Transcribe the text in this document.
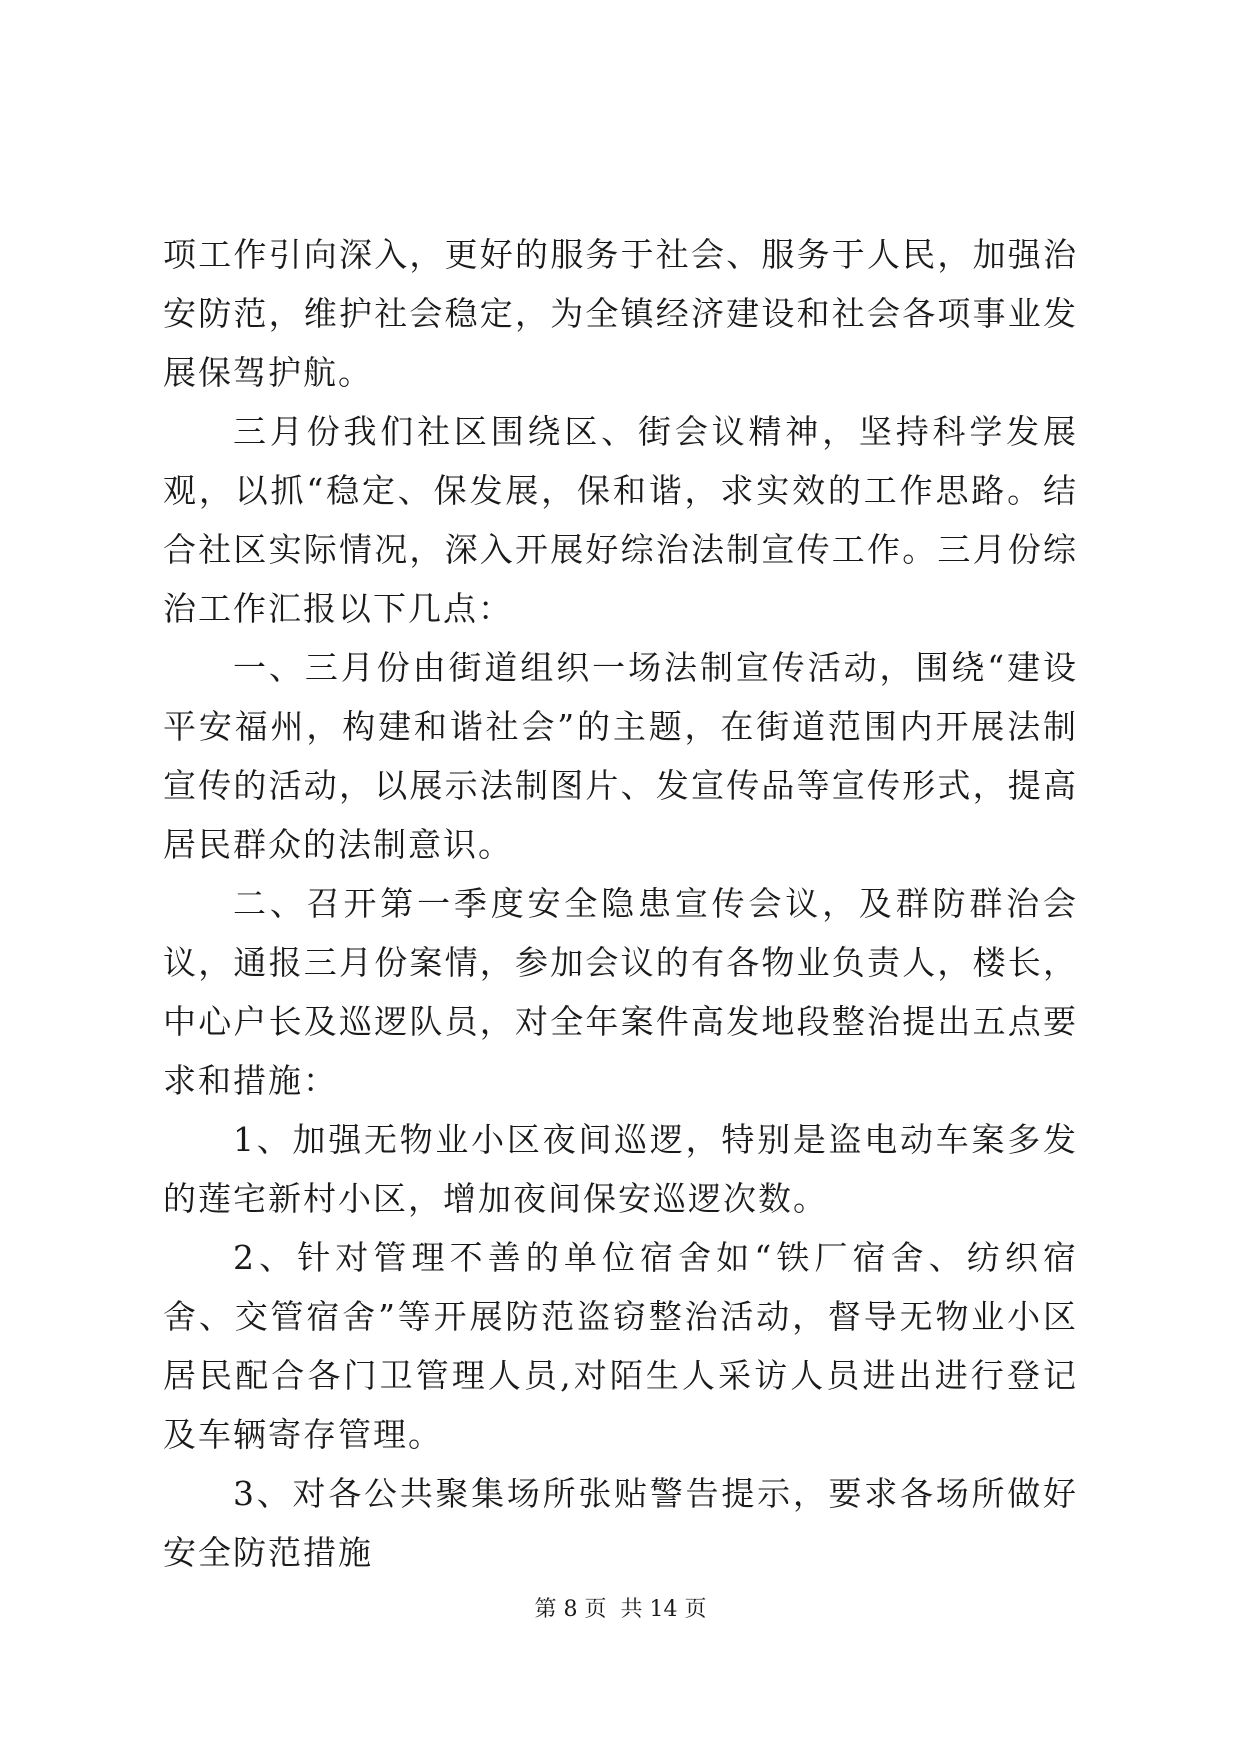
项工作引向深入，更好的服务于社会、服务于人民，加强治安防范，维护社会稳定，为全镇经济建设和社会各项事业发展保驾护航。

三月份我们社区围绕区、街会议精神，坚持科学发展观，以抓“稳定、保发展，保和谐，求实效的工作思路。结合社区实际情况，深入开展好综治法制宣传工作。三月份综治工作汇报以下几点：

一、三月份由街道组织一场法制宣传活动，围绕“建设平安福州，构建和谐社会”的主题，在街道范围内开展法制宣传的活动，以展示法制图片、发宣传品等宣传形式，提高居民群众的法制意识。

二、召开第一季度安全隐患宣传会议，及群防群治会议，通报三月份案情，参加会议的有各物业负责人，楼长，中心户长及巡逻队员，对全年案件高发地段整治提出五点要求和措施：

1、加强无物业小区夜间巡逻，特别是盗电动车案多发的莲宅新村小区，增加夜间保安巡逻次数。

2、针对管理不善的单位宿舍如“铁厂宿舍、纺织宿舍、交管宿舍”等开展防范盗窃整治活动，督导无物业小区居民配合各门卫管理人员,对陌生人采访人员进出进行登记及车辆寄存管理。

3、对各公共聚集场所张贴警告提示，要求各场所做好安全防范措施

第 8 页 共 14 页
